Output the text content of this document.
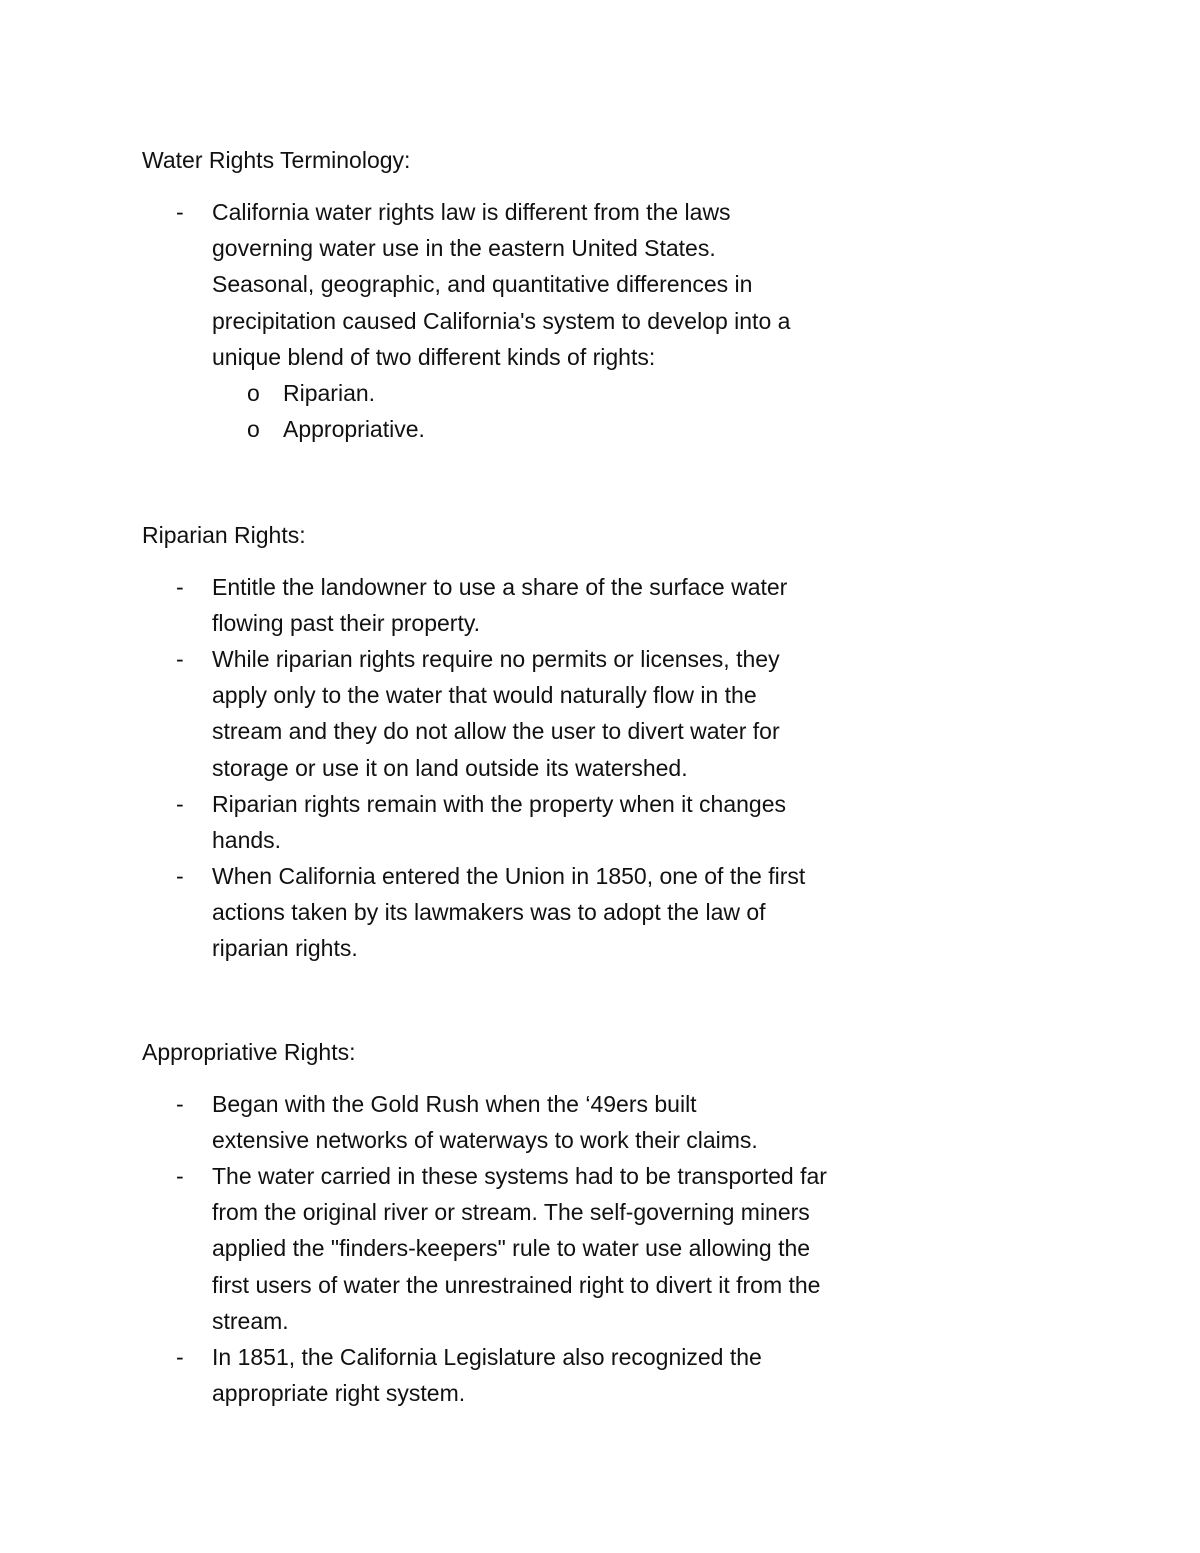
Water Rights Terminology:
- California water rights law is different from the laws
governing water use in the eastern United States.
Seasonal, geographic, and quantitative differences in
precipitation caused California's system to develop into a
unique blend of two different kinds of rights:
o Riparian.
o Appropriative.
Riparian Rights:
- Entitle the landowner to use a share of the surface water
flowing past their property.
- While riparian rights require no permits or licenses, they
apply only to the water that would naturally flow in the
stream and they do not allow the user to divert water for
storage or use it on land outside its watershed.
- Riparian rights remain with the property when it changes
hands.
- When California entered the Union in 1850, one of the first
actions taken by its lawmakers was to adopt the law of
riparian rights.
Appropriative Rights:
- Began with the Gold Rush when the ‘49ers built
extensive networks of waterways to work their claims.
- The water carried in these systems had to be transported far
from the original river or stream. The self-governing miners
applied the "finders-keepers" rule to water use allowing the
first users of water the unrestrained right to divert it from the
stream.
- In 1851, the California Legislature also recognized the
appropriate right system.
